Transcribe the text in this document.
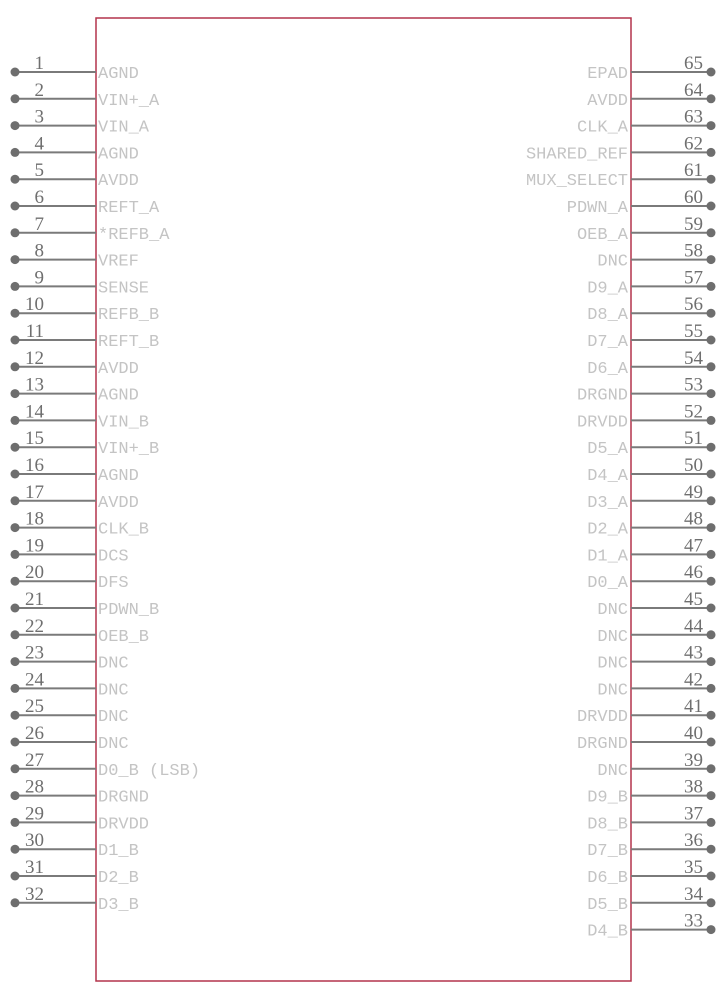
1
AGND
2
VIN+_A
3
VIN_A
4
AGND
5
AVDD
6
REFT_A
7
*REFB_A
8
VREF
9
SENSE
10
REFB_B
11
REFT_B
12
AVDD
13
AGND
14
VIN_B
15
VIN+_B
16
AGND
17
AVDD
18
CLK_B
19
DCS
20
DFS
21
PDWN_B
22
OEB_B
23
DNC
24
DNC
25
DNC
26
DNC
27
D0_B (LSB)
28
DRGND
29
DRVDD
30
D1_B
31
D2_B
32
D3_B
65
EPAD
64
AVDD
63
CLK_A
62
SHARED_REF
61
MUX_SELECT
60
PDWN_A
59
OEB_A
58
DNC
57
D9_A
56
D8_A
55
D7_A
54
D6_A
53
DRGND
52
DRVDD
51
D5_A
50
D4_A
49
D3_A
48
D2_A
47
D1_A
46
D0_A
45
DNC
44
DNC
43
DNC
42
DNC
41
DRVDD
40
DRGND
39
DNC
38
D9_B
37
D8_B
36
D7_B
35
D6_B
34
D5_B
33
D4_B
